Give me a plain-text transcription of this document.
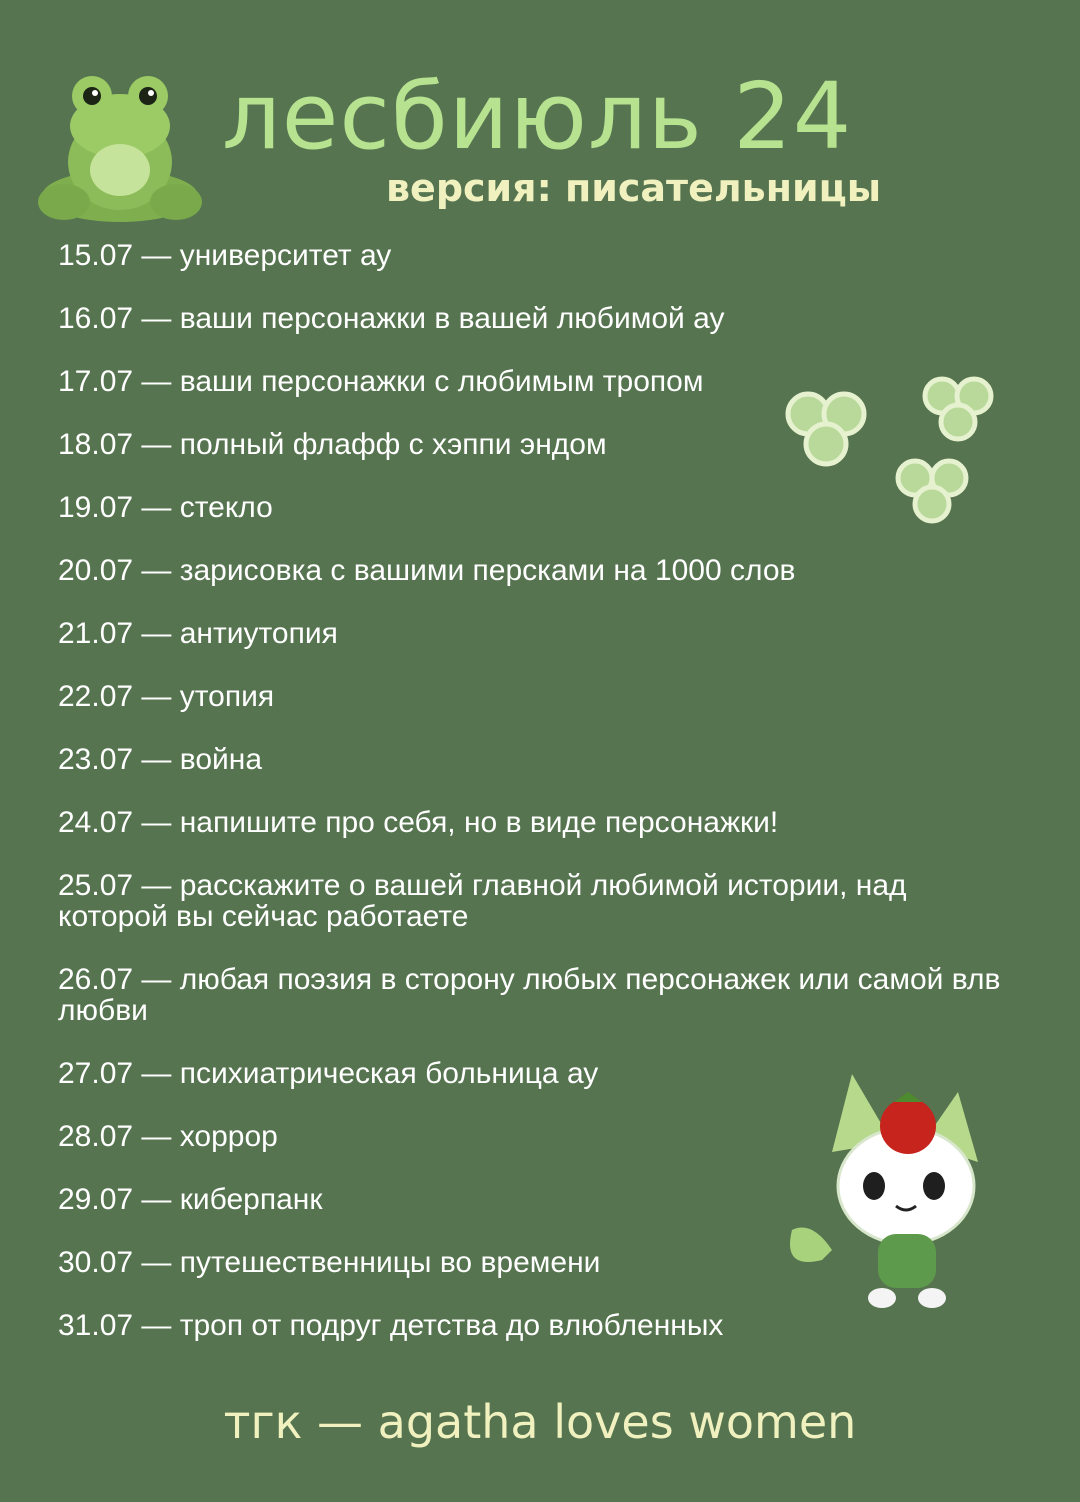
лесбиюль 24
версия: писательницы
15.07 — университет ау
16.07 — ваши персонажки в вашей любимой ау
17.07 — ваши персонажки с любимым тропом
18.07 — полный флафф с хэппи эндом
19.07 — стекло
20.07 — зарисовка с вашими персками на 1000 слов
21.07 — антиутопия
22.07 — утопия
23.07 — война
24.07 — напишите про себя, но в виде персонажки!
25.07 — расскажите о вашей главной любимой истории, над которой вы сейчас работаете
26.07 — любая поэзия в сторону любых персонажек или самой влв любви
27.07 — психиатрическая больница ау
28.07 — хоррор
29.07 — киберпанк
30.07 — путешественницы во времени
31.07 — троп от подруг детства до влюбленных
тгк — agatha loves women
